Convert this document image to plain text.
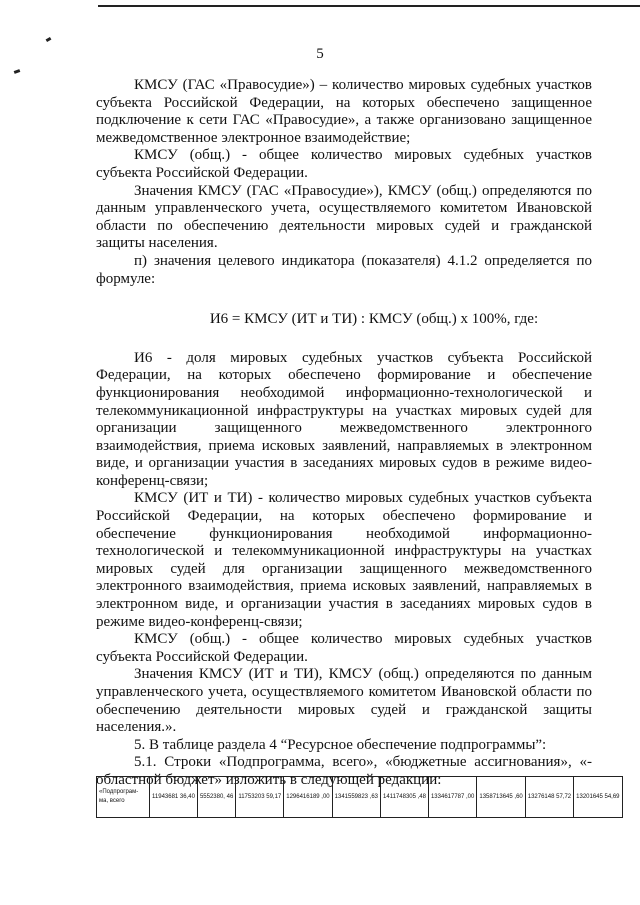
5

КМСУ (ГАС «Правосудие») – количество мировых судебных участков субъекта Российской Федерации, на которых обеспечено защищенное подключение к сети ГАС «Правосудие», а также организовано защищенное межведомственное электронное взаимодействие;

КМСУ (общ.) - общее количество мировых судебных участков субъекта Российской Федерации.

Значения КМСУ (ГАС «Правосудие»), КМСУ (общ.) определяются по данным управленческого учета, осуществляемого комитетом Ивановской области по обеспечению деятельности мировых судей и гражданской защиты населения.

п) значения целевого индикатора (показателя) 4.1.2 определяется по формуле:

И6 = КМСУ (ИТ и ТИ) : КМСУ (общ.) х 100%, где:

И6 - доля мировых судебных участков субъекта Российской Федерации, на которых обеспечено формирование и обеспечение функционирования необходимой информационно-технологической и телекоммуникационной инфраструктуры на участках мировых судей для организации защищенного межведомственного электронного взаимодействия, приема исковых заявлений, направляемых в электронном виде, и организации участия в заседаниях мировых судов в режиме видео-конференц-связи;

КМСУ (ИТ и ТИ) - количество мировых судебных участков субъекта Российской Федерации, на которых обеспечено формирование и обеспечение функционирования необходимой информационно-технологической и телекоммуникационной инфраструктуры на участках мировых судей для организации защищенного межведомственного электронного взаимодействия, приема исковых заявлений, направляемых в электронном виде, и организации участия в заседаниях мировых судов в режиме видео-конференц-связи;

КМСУ (общ.) - общее количество мировых судебных участков субъекта Российской Федерации.

Значения КМСУ (ИТ и ТИ), КМСУ (общ.) определяются по данным управленческого учета, осуществляемого комитетом Ивановской области по обеспечению деятельности мировых судей и гражданской защиты населения.».

5. В таблице раздела 4 “Ресурсное обеспечение подпрограммы”:

5.1. Строки «Подпрограмма, всего», «бюджетные ассигнования», «- областной бюджет» изложить в следующей редакции:

«Подпрограм-ма, всего	11943681 36,40	5552380, 46	11753203 59,17	1296416189 ,00	1341559823 ,63	1411748305 ,48	1334617787 ,00	1358713645 ,60	13276148 57,72	13201645 54,69
